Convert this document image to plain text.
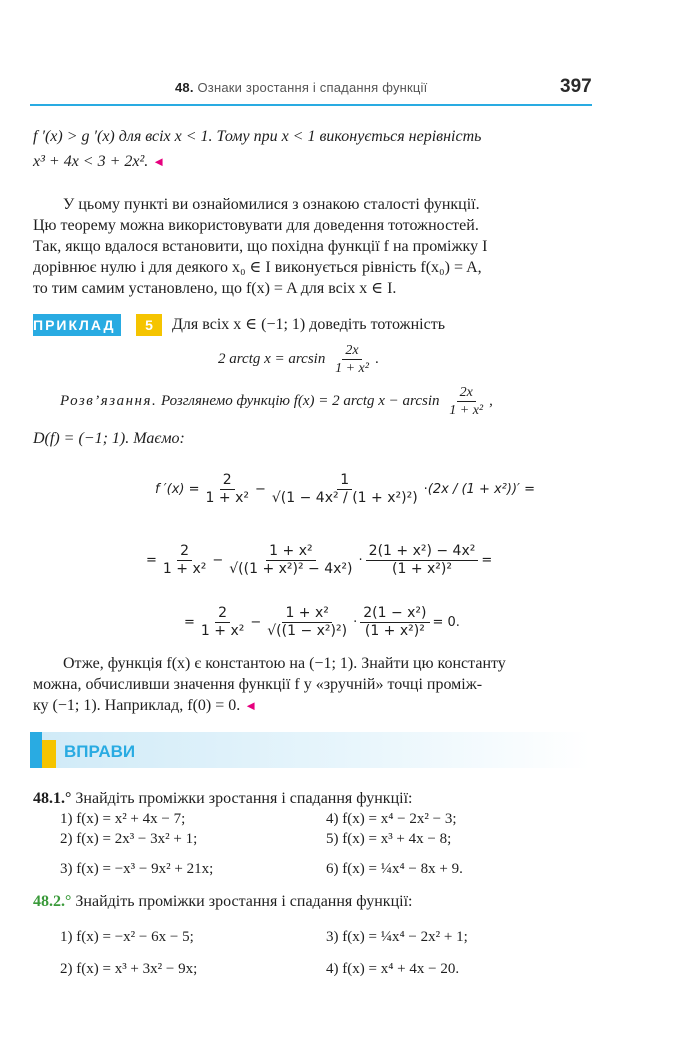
48. Ознаки зростання і спадання функції	397
f ′(x) > g ′(x) для всіх x < 1. Тому при x < 1 виконується нерівність
x³ + 4x < 3 + 2x². ◄
У цьому пункті ви ознайомилися з ознакою сталості функції.
Цю теорему можна використовувати для доведення тотожностей.
Так, якщо вдалося встановити, що похідна функції f на проміжку I
дорівнює нулю і для деякого x₀ ∈ I виконується рівність f(x₀) = A,
то тим самим установлено, що f(x) = A для всіх x ∈ I.
ПРИКЛАД	5	Для всіх x ∈ (−1; 1) доведіть тотожність
2 arctg $x = \arcsin \frac{2x}{\text{1 + x²}}$ .
Розв’язання. Розглянемо функцію f(x) = 2 arctg $x - \arcsin \frac{2x}{\text{1 + x²}}$ ,
D(f) = (−1; 1). Маємо:
f $'(x) = \frac{2}{\text{1 + x²}} - \frac{1}{\text{√(1 − 4x² / (1 + x²)²)}} \cdot (2x / (1 + x^2))'$ =
= $\frac{2}{\text{1 + x²}} - \frac{\text{1 + x²}}{\text{√((1 + x²)² − 4x²)}} \cdot \frac{\text{2(1 + x²) − 4x²}}{\text{(1 + x²)²}}$ =
= $\frac{2}{\text{1 + x²}} - \frac{\text{1 + x²}}{\text{√((1 − x²)²)}} \cdot \frac{\text{2(1 − x²)}}{\text{(1 + x²)²}} = 0$.
Отже, функція f(x) є константою на (−1; 1). Знайти цю константу
можна, обчисливши значення функції f у «зручній» точці проміж-
ку (−1; 1). Наприклад, f(0) = 0. ◄
ВПРАВИ
48.1.° Знайдіть проміжки зростання і спадання функції:
1) f(x) = x² + 4x − 7;	4) f(x) = x⁴ − 2x² − 3;
2) f(x) = 2x³ − 3x² + 1;	5) f(x) = x³ + 4x − 8;
3) f(x) = −x³ − 9x² + 21x;	6) f(x) = ¼x⁴ − 8x + 9.
48.2.° Знайдіть проміжки зростання і спадання функції:
1) f(x) = −x² − 6x − 5;	3) f(x) = ¼x⁴ − 2x² + 1;
2) f(x) = x³ + 3x² − 9x;	4) f(x) = x⁴ + 4x − 20.
